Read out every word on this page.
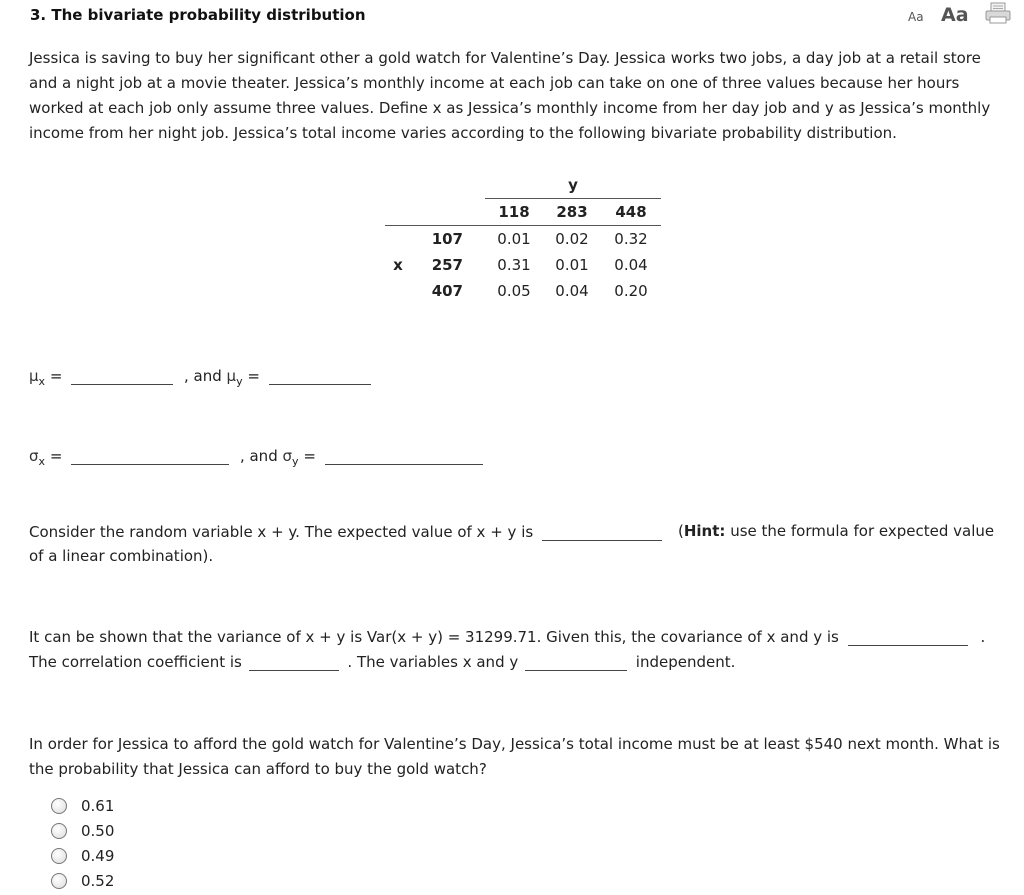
3. The bivariate probability distribution	Aa Aa
Jessica is saving to buy her significant other a gold watch for Valentine’s Day. Jessica works two jobs, a day job at a retail store and a night job at a movie theater. Jessica’s monthly income at each job can take on one of three values because her hours worked at each job only assume three values. Define x as Jessica’s monthly income from her day job and y as Jessica’s monthly income from her night job. Jessica’s total income varies according to the following bivariate probability distribution.
		y		
		118	283	448
	107	0.01	0.02	0.32
x	257	0.31	0.01	0.04
	407	0.05	0.04	0.20
$\mu_x$ =	, and $\mu_y$ =
$\sigma_x$ =	, and $\sigma_y$ =
Consider the random variable x + y. The expected value of x + y is	(Hint: use the formula for expected value
of a linear combination).
It can be shown that the variance of x + y is Var(x + y) = 31299.71. Given this, the covariance of x and y is	.
The correlation coefficient is	. The variables x and y	independent.
In order for Jessica to afford the gold watch for Valentine’s Day, Jessica’s total income must be at least $540 next month. What is the probability that Jessica can afford to buy the gold watch?
0.61
0.50
0.49
0.52
